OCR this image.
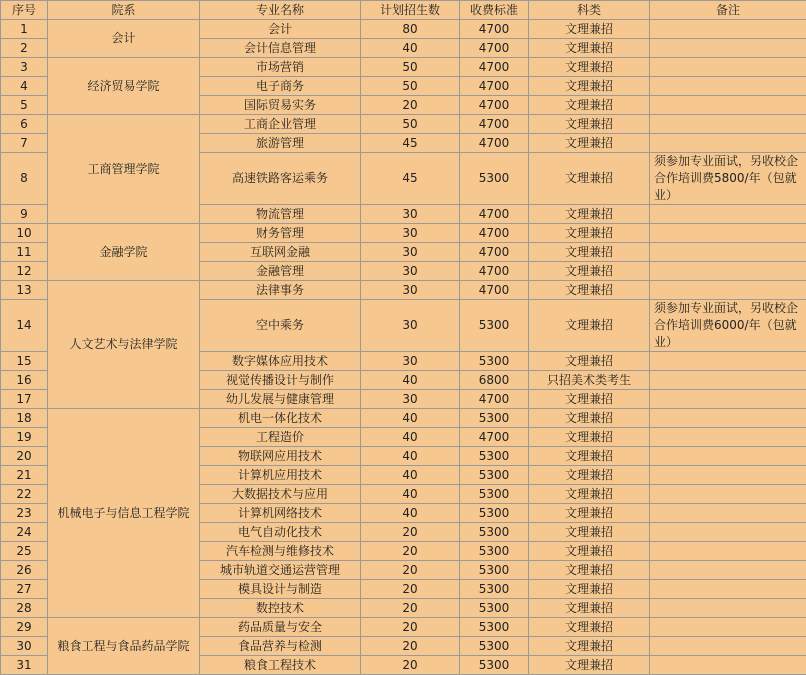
序号	院系	专业名称	计划招生数	收费标准	科类	备注
1	会计	会计	80	4700	文理兼招	
2		会计信息管理	40	4700	文理兼招	
3	经济贸易学院	市场营销	50	4700	文理兼招	
4		电子商务	50	4700	文理兼招	
5		国际贸易实务	20	4700	文理兼招	
6	工商管理学院	工商企业管理	50	4700	文理兼招	
7		旅游管理	45	4700	文理兼招	
8		高速铁路客运乘务	45	5300	文理兼招	须参加专业面试，另收校企合作培训费5800/年（包就业）
9		物流管理	30	4700	文理兼招	
10	金融学院	财务管理	30	4700	文理兼招	
11		互联网金融	30	4700	文理兼招	
12		金融管理	30	4700	文理兼招	
13	人文艺术与法律学院	法律事务	30	4700	文理兼招	
14		空中乘务	30	5300	文理兼招	须参加专业面试，另收校企合作培训费6000/年（包就业）
15		数字媒体应用技术	30	5300	文理兼招	
16		视觉传播设计与制作	40	6800	只招美术类考生	
17		幼儿发展与健康管理	30	4700	文理兼招	
18	机械电子与信息工程学院	机电一体化技术	40	5300	文理兼招	
19		工程造价	40	4700	文理兼招	
20		物联网应用技术	40	5300	文理兼招	
21		计算机应用技术	40	5300	文理兼招	
22		大数据技术与应用	40	5300	文理兼招	
23		计算机网络技术	40	5300	文理兼招	
24		电气自动化技术	20	5300	文理兼招	
25		汽车检测与维修技术	20	5300	文理兼招	
26		城市轨道交通运营管理	20	5300	文理兼招	
27		模具设计与制造	20	5300	文理兼招	
28		数控技术	20	5300	文理兼招	
29	粮食工程与食品药品学院	药品质量与安全	20	5300	文理兼招	
30		食品营养与检测	20	5300	文理兼招	
31		粮食工程技术	20	5300	文理兼招	
